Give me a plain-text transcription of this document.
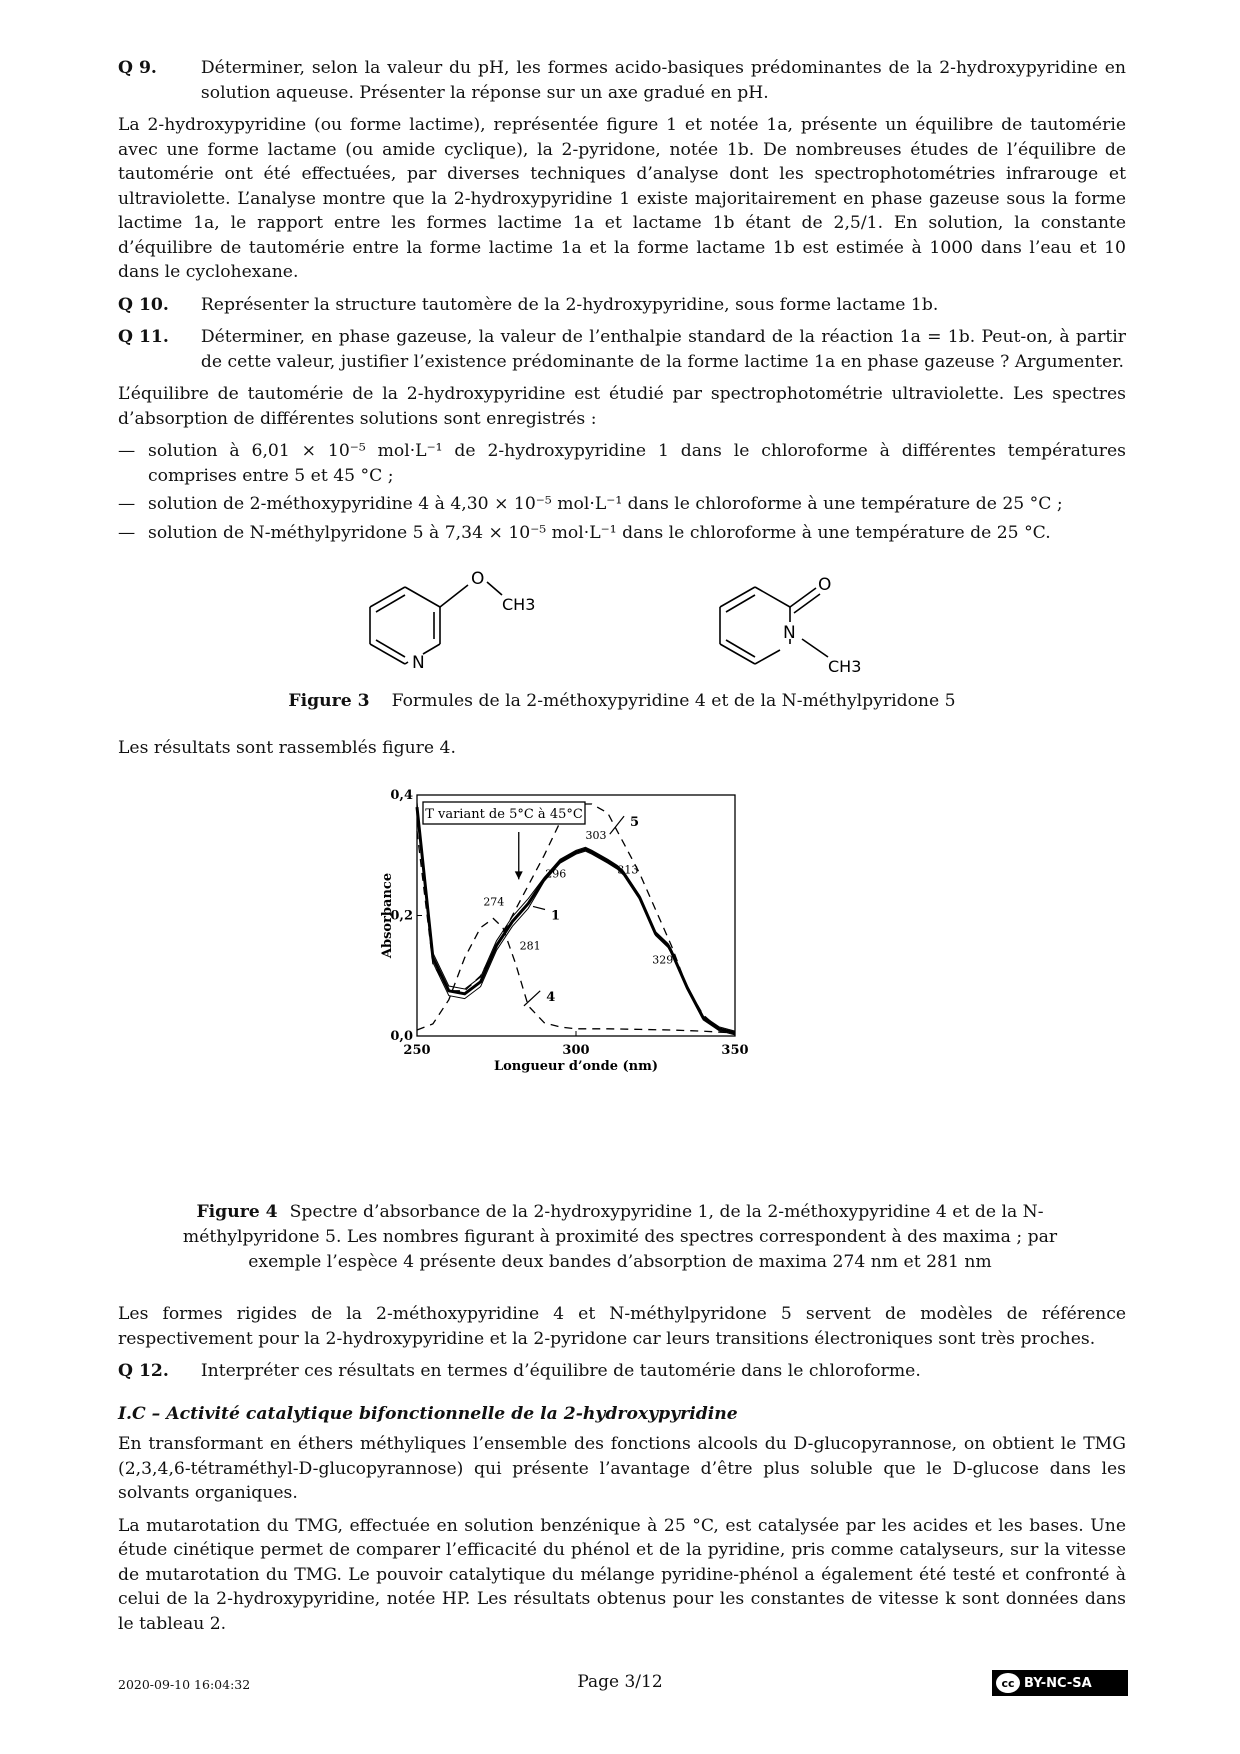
Q 9.	Déterminer, selon la valeur du pH, les formes acido-basiques prédominantes de la 2-hydroxypyridine en solution aqueuse. Présenter la réponse sur un axe gradué en pH.

La 2-hydroxypyridine (ou forme lactime), représentée figure 1 et notée 1a, présente un équilibre de tautomérie avec une forme lactame (ou amide cyclique), la 2-pyridone, notée 1b. De nombreuses études de l’équilibre de tautomérie ont été effectuées, par diverses techniques d’analyse dont les spectrophotométries infrarouge et ultraviolette. L’analyse montre que la 2-hydroxypyridine 1 existe majoritairement en phase gazeuse sous la forme lactime 1a, le rapport entre les formes lactime 1a et lactame 1b étant de 2,5/1. En solution, la constante d’équilibre de tautomérie entre la forme lactime 1a et la forme lactame 1b est estimée à 1000 dans l’eau et 10 dans le cyclohexane.

Q 10. Représenter la structure tautomère de la 2-hydroxypyridine, sous forme lactame 1b.
Q 11. Déterminer, en phase gazeuse, la valeur de l’enthalpie standard de la réaction 1a = 1b. Peut-on, à partir de cette valeur, justifier l’existence prédominante de la forme lactime 1a en phase gazeuse ? Argumenter.

L’équilibre de tautomérie de la 2-hydroxypyridine est étudié par spectrophotométrie ultraviolette. Les spectres d’absorption de différentes solutions sont enregistrés :

— solution à 6,01 × 10⁻⁵ mol·L⁻¹ de 2-hydroxypyridine 1 dans le chloroforme à différentes températures comprises entre 5 et 45 °C ;
— solution de 2-méthoxypyridine 4 à 4,30 × 10⁻⁵ mol·L⁻¹ dans le chloroforme à une température de 25 °C ;
— solution de N-méthylpyridone 5 à 7,34 × 10⁻⁵ mol·L⁻¹ dans le chloroforme à une température de 25 °C.
O
CH3
N
O
N
CH3
Figure 3 Formules de la 2-méthoxypyridine 4 et de la N-méthylpyridone 5

Les résultats sont rassemblés figure 4.

250	300	350
0,0
0,2
0,4
Longueur d’onde (nm)
Absorbance	1
4
5
274
281
296
303
313
329
T variant de 5°C à 45°C
Figure 4 Spectre d’absorbance de la 2-hydroxypyridine 1, de la 2-méthoxypyridine 4 et de la N-méthylpyridone 5. Les nombres figurant à proximité des spectres correspondent à des maxima ; par exemple l’espèce 4 présente deux bandes d’absorption de maxima 274 nm et 281 nm

Les formes rigides de la 2-méthoxypyridine 4 et N-méthylpyridone 5 servent de modèles de référence respectivement pour la 2-hydroxypyridine et la 2-pyridone car leurs transitions électroniques sont très proches.

Q 12. Interpréter ces résultats en termes d’équilibre de tautomérie dans le chloroforme.
I.C – Activité catalytique bifonctionnelle de la 2-hydroxypyridine

En transformant en éthers méthyliques l’ensemble des fonctions alcools du D-glucopyrannose, on obtient le TMG (2,3,4,6-tétraméthyl-D-glucopyrannose) qui présente l’avantage d’être plus soluble que le D-glucose dans les solvants organiques.

La mutarotation du TMG, effectuée en solution benzénique à 25 °C, est catalysée par les acides et les bases. Une étude cinétique permet de comparer l’efficacité du phénol et de la pyridine, pris comme catalyseurs, sur la vitesse de mutarotation du TMG. Le pouvoir catalytique du mélange pyridine-phénol a également été testé et confronté à celui de la 2-hydroxypyridine, notée HP. Les résultats obtenus pour les constantes de vitesse k sont données dans le tableau 2.

2020-09-10 16:04:32	Page 3/12	cc BY-NC-SA
